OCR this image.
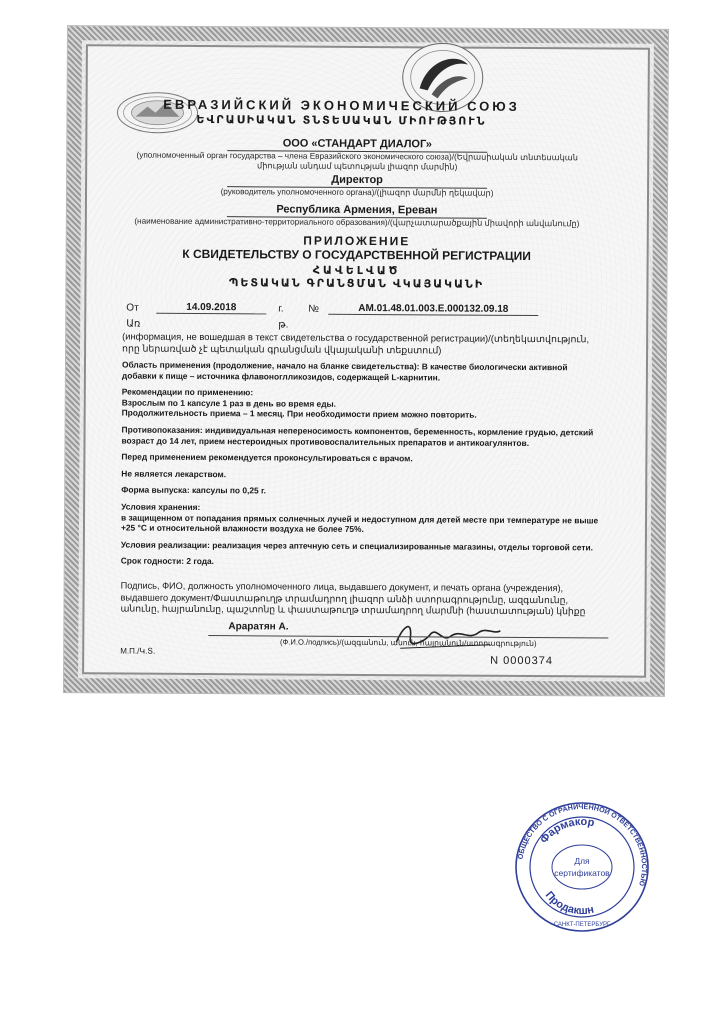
ЕВРАЗИЙСКИЙ ЭКОНОМИЧЕСКИЙ СОЮЗ
ԵՎՐԱՍԻԱԿԱՆ ՏՆՏԵՍԱԿԱՆ ՄԻՈՒԹՅՈՒՆ
ООО «СТАНДАРТ ДИАЛОГ»
(уполномоченный орган государства – члена Евразийского экономического союза)/(Եվրասիական տնտեսական միության անդամ պետության լիազոր մարմին)
Директор
(руководитель уполномоченного органа)/(լիազոր մարմնի ղեկավար)
Республика Армения, Ереван
(наименование административно-территориального образования)/(վարչատարածքային միավորի անվանումը)
ПРИЛОЖЕНИЕ
К СВИДЕТЕЛЬСТВУ О ГОСУДАРСТВЕННОЙ РЕГИСТРАЦИИ
ՀԱՎԵԼՎԱԾ
ՊԵՏԱԿԱՆ ԳՐԱՆՑՄԱՆ ՎԿԱՅԱԿԱՆԻ
От
Առ
14.09.2018	г.
թ.
№	AM.01.48.01.003.E.000132.09.18

(информация, не вошедшая в текст свидетельства о государственной регистрации)/(տեղեկատվություն, որը ներառված չէ պետական գրանցման վկայականի տեքստում)

Область применения (продолжение, начало на бланке свидетельства): В качестве биологически активной добавки к пище – источника флавоноглликозидов, содержащей L-карнитин.

Рекомендации по применению:

Взрослым по 1 капсуле 1 раз в день во время еды.

Продолжительность приема – 1 месяц. При необходимости прием можно повторить.

Противопоказания: индивидуальная непереносимость компонентов, беременность, кормление грудью, детский возраст до 14 лет, прием нестероидных противовоспалительных препаратов и антикоагулянтов.

Перед применением рекомендуется проконсультироваться с врачом.

Не является лекарством.

Форма выпуска: капсулы по 0,25 г.

Условия хранения:

в защищенном от попадания прямых солнечных лучей и недоступном для детей месте при температуре не выше +25 °С и относительной влажности воздуха не более 75%.

Условия реализации: реализация через аптечную сеть и специализированные магазины, отделы торговой сети.

Срок годности: 2 года.

Подпись, ФИО, должность уполномоченного лица, выдавшего документ, и печать органа (учреждения), выдавшего документ/Փաստաթուղթ տրամադրող լիազոր անձի ստորագրությունը, ազգանունը, անունը, հայրանունը, պաշտոնը և փաստաթուղթ տրամադրող մարմնի (հաստատության) կնիքը
Араратян А.
(Ф.И.О./подпись)/(ազգանուն, անուն, հայրանուն/ստորագրություն)
М.П./Կ.Տ.
N 0000374
ОБЩЕСТВО С ОГРАНИЧЕННОЙ ОТВЕТСТВЕННОСТЬЮ
Фармакор
Продакшн
Для
сертификатов
САНКТ-ПЕТЕРБУРГ
